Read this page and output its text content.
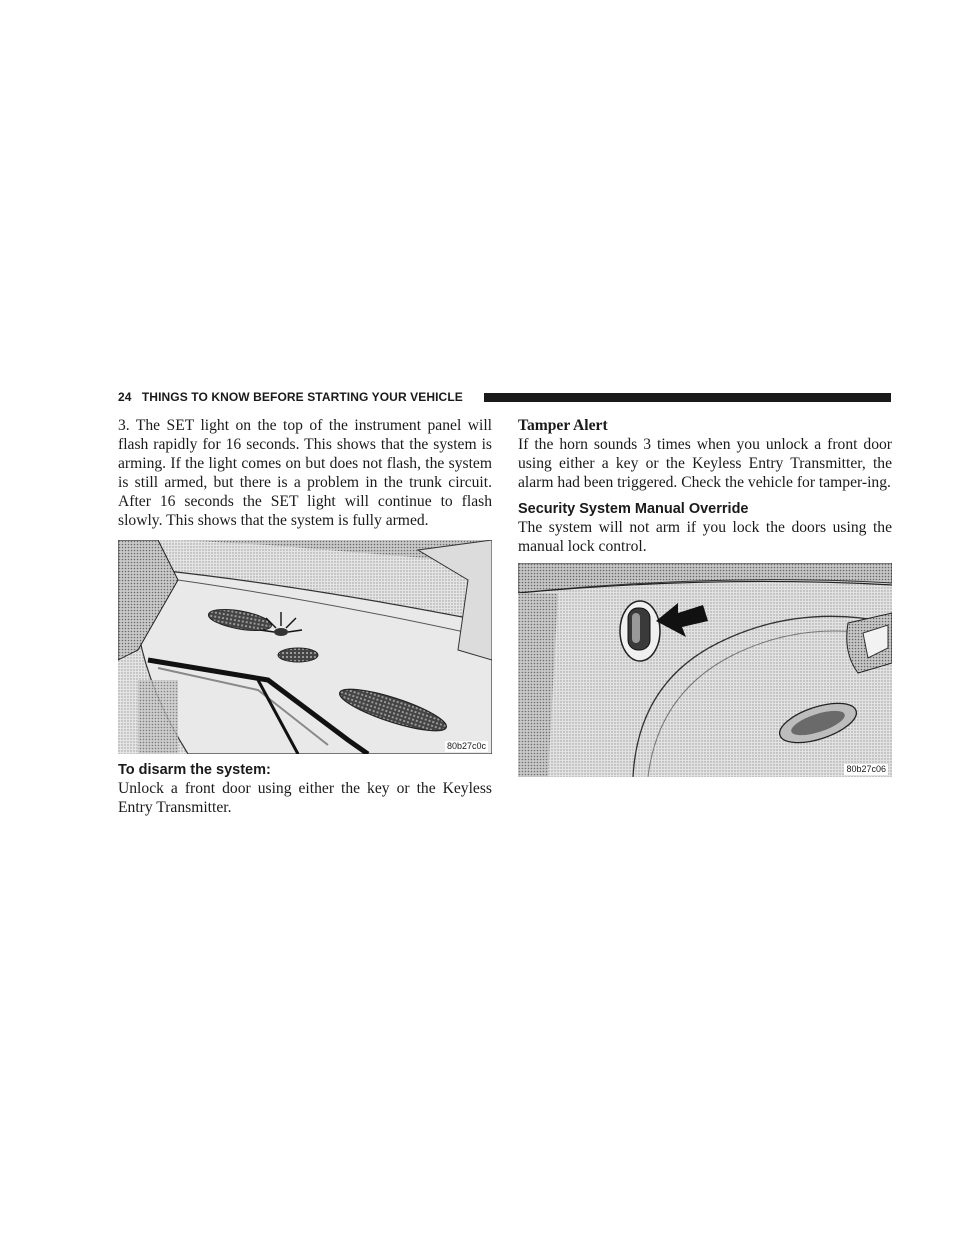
24 THINGS TO KNOW BEFORE STARTING YOUR VEHICLE

3. The SET light on the top of the instrument panel will flash rapidly for 16 seconds. This shows that the system is arming. If the light comes on but does not flash, the system is still armed, but there is a problem in the trunk circuit. After 16 seconds the SET light will continue to flash slowly. This shows that the system is fully armed.

80b27c0c

To disarm the system:

Unlock a front door using either the key or the Keyless Entry Transmitter.

Tamper Alert

If the horn sounds 3 times when you unlock a front door using either a key or the Keyless Entry Transmitter, the alarm had been triggered. Check the vehicle for tamper-ing.

Security System Manual Override

The system will not arm if you lock the doors using the manual lock control.

80b27c06
